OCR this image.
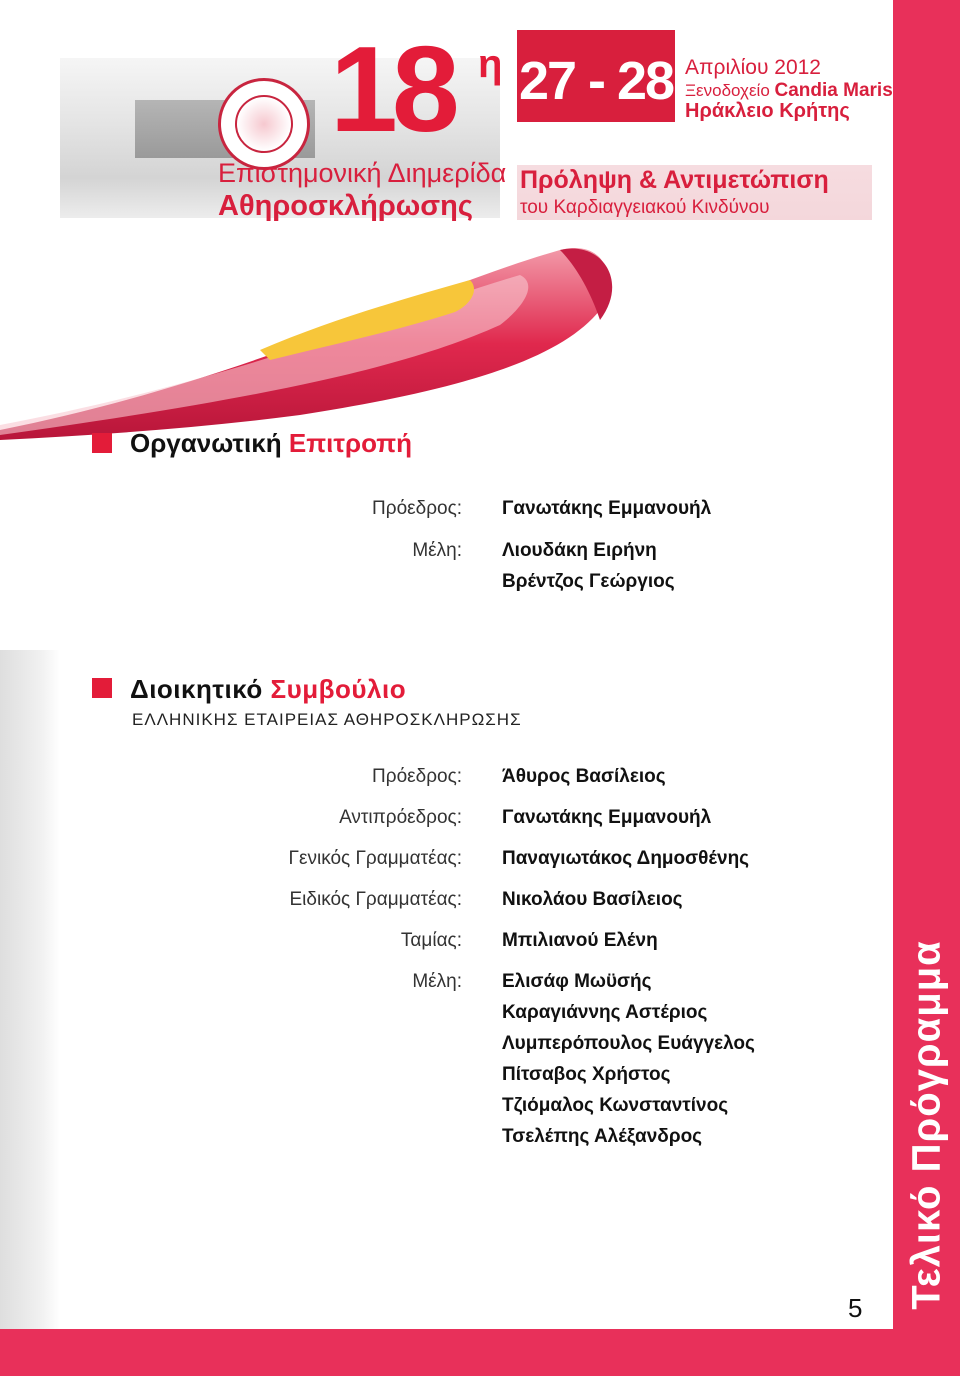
18 η
Επιστημονική Διημερίδα
Αθηροσκλήρωσης
27 - 28 Απριλίου 2012
Ξενοδοχείο Candia Maris
Ηράκλειο Κρήτης
Πρόληψη & Αντιμετώπιση
του Καρδιαγγειακού Κινδύνου
Οργανωτική Επιτροπή
Πρόεδρος: Γανωτάκης Εμμανουήλ
Μέλη: Λιουδάκη Ειρήνη
Βρέντζος Γεώργιος
Διοικητικό Συμβούλιο
ΕΛΛΗΝΙΚΗΣ ΕΤΑΙΡΕΙΑΣ ΑΘΗΡΟΣΚΛΗΡΩΣΗΣ
Πρόεδρος: Άθυρος Βασίλειος
Αντιπρόεδρος: Γανωτάκης Εμμανουήλ
Γενικός Γραμματέας: Παναγιωτάκος Δημοσθένης
Ειδικός Γραμματέας: Νικολάου Βασίλειος
Ταμίας: Μπιλιανού Ελένη
Μέλη: Ελισάφ Μωϋσής
Καραγιάννης Αστέριος
Λυμπερόπουλος Ευάγγελος
Πίτσαβος Χρήστος
Τζιόμαλος Κωνσταντίνος
Τσελέπης Αλέξανδρος	Τελικό Πρόγραμμα
5
